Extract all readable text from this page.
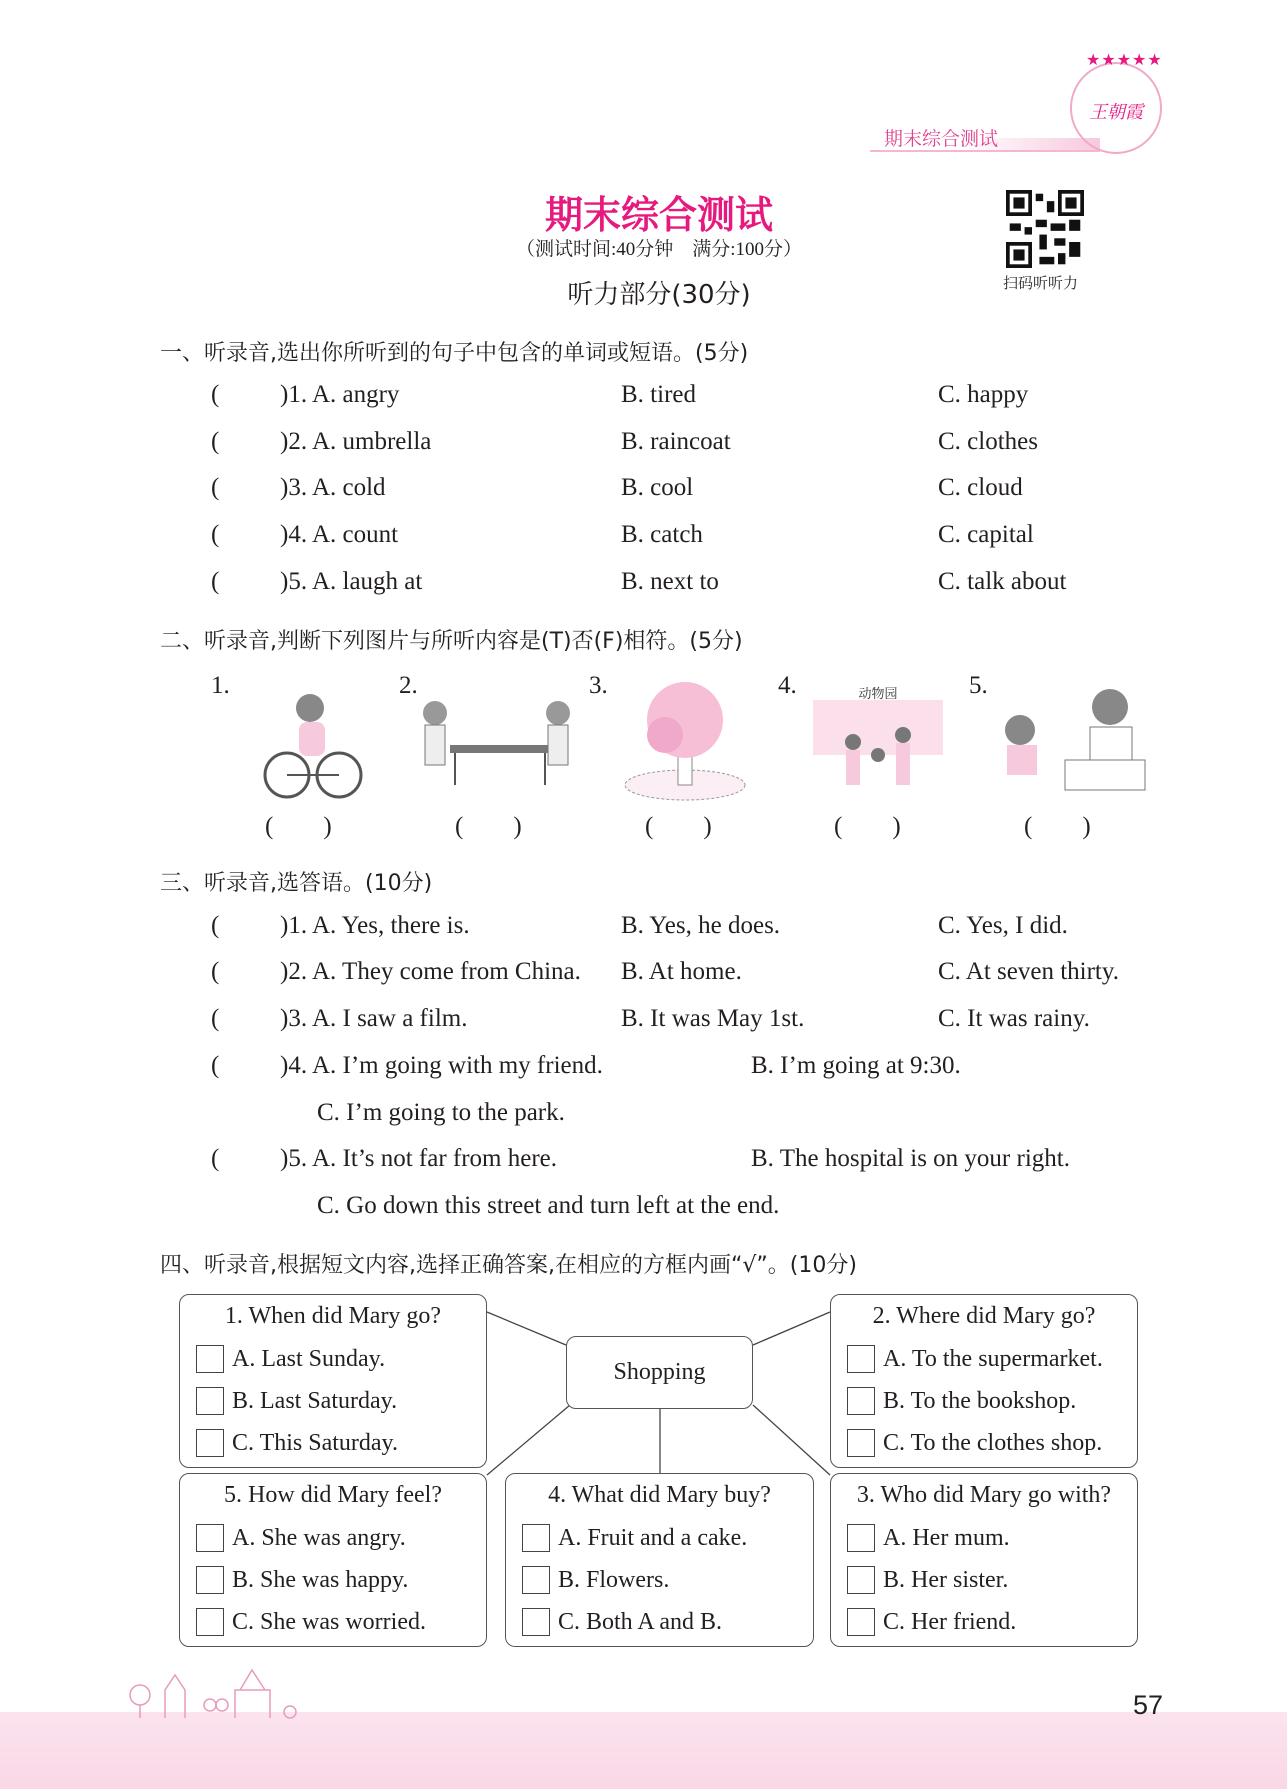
期末综合测试
★★★★★
王朝霞
期末综合测试
（测试时间:40分钟　满分:100分）
听力部分(30分)	扫码听听力
一、听录音,选出你所听到的句子中包含的单词或短语。(5分)
( )1. A. angry	B. tired	C. happy
( )2. A. umbrella	B. raincoat	C. clothes
( )3. A. cold	B. cool	C. cloud
( )4. A. count	B. catch	C. capital
( )5. A. laugh at	B. next to	C. talk about
二、听录音,判断下列图片与所听内容是(T)否(F)相符。(5分)
1.	2.	3.	4.	动物园	5.
(　　)	(　　)	(　　)	(　　)	(　　)
三、听录音,选答语。(10分)
( )1. A. Yes, there is.	B. Yes, he does.	C. Yes, I did.
( )2. A. They come from China. B. At home.	C. At seven thirty.
( )3. A. I saw a film.	B. It was May 1st.	C. It was rainy.
( )4. A. I’m going with my friend.	B. I’m going at 9:30.
C. I’m going to the park.
( )5. A. It’s not far from here.	B. The hospital is on your right.
C. Go down this street and turn left at the end.
四、听录音,根据短文内容,选择正确答案,在相应的方框内画“√”。(10分)
Shopping
1. When did Mary go?
A. Last Sunday.
B. Last Saturday.
C. This Saturday.
2. Where did Mary go?
A. To the supermarket.
B. To the bookshop.
C. To the clothes shop.
5. How did Mary feel?
A. She was angry.
B. She was happy.
C. She was worried.
4. What did Mary buy?
A. Fruit and a cake.
B. Flowers.
C. Both A and B.
3. Who did Mary go with?
A. Her mum.
B. Her sister.
C. Her friend.
57
